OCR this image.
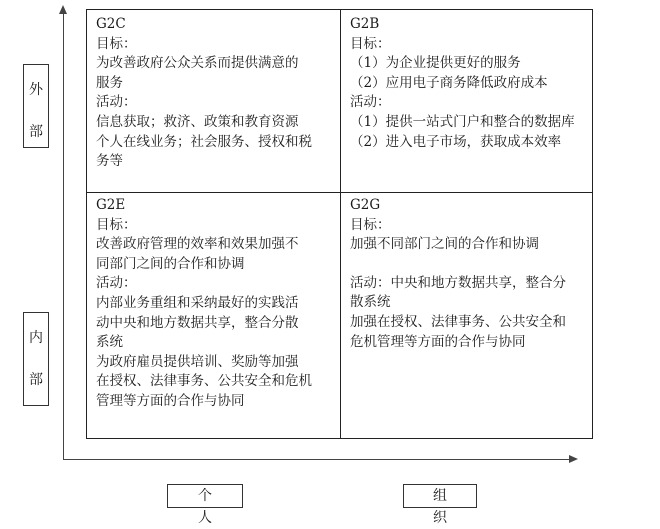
外
部
内
部
个人
组织
G2C
目标：
为改善政府公众关系而提供满意的
服务
活动：
信息获取；救济、政策和教育资源
个人在线业务；社会服务、授权和税
务等
G2B
目标：
（1）为企业提供更好的服务
（2）应用电子商务降低政府成本
活动：
（1）提供一站式门户和整合的数据库
（2）进入电子市场，获取成本效率
G2E
目标：
改善政府管理的效率和效果加强不
同部门之间的合作和协调
活动：
内部业务重组和采纳最好的实践活
动中央和地方数据共享，整合分散
系统
为政府雇员提供培训、奖励等加强
在授权、法律事务、公共安全和危机
管理等方面的合作与协同
G2G
目标：
加强不同部门之间的合作和协调
活动：中央和地方数据共享，整合分
散系统
加强在授权、法律事务、公共安全和
危机管理等方面的合作与协同
